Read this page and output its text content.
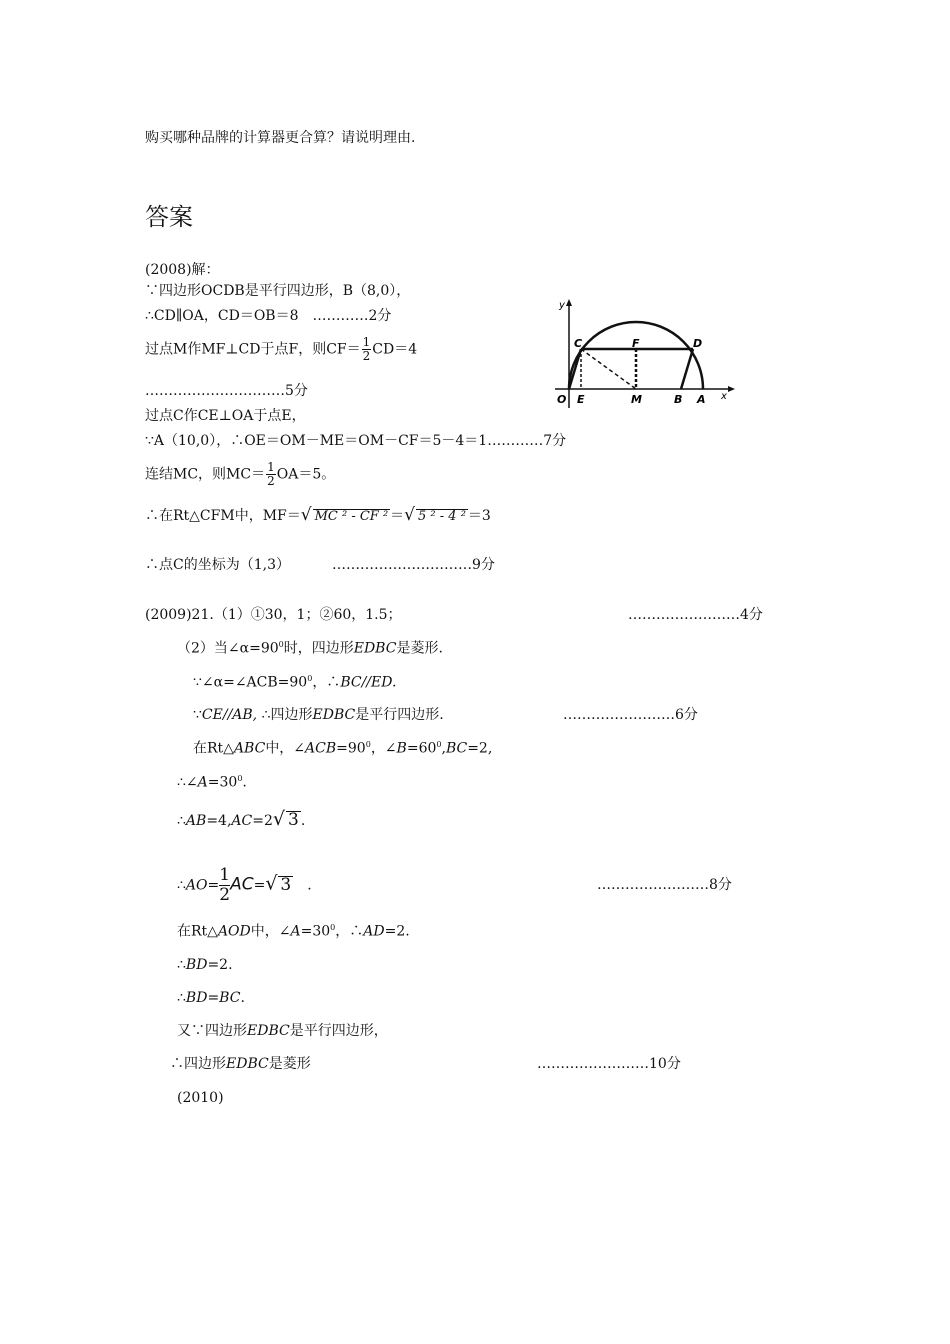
购买哪种品牌的计算器更合算？请说明理由.
答案
(2008)解：
∵四边形OCDB是平行四边形，B（8,0），
∴CD∥OA，CD＝OB＝8　…………2分
过点M作MF⊥CD于点F，则$CF= \frac{1}{2} CD=4$
…………………………5分
过点C作CE⊥OA于点E，
∵A（10,0），∴OE＝OM－ME＝OM－CF＝5－4＝1…………7分
连结MC，则$MC= \frac{1}{2} OA=5$。
∴在Rt△CFM中，MF＝√ MC ² - CF ² ＝√ 5 ² - 4 ² ＝3
∴点C的坐标为（1,3）	…………………………9分
y
x
O E	M	B A
C	F	D
(2009)21.（1）①30，1；②60，1.5；	……………………4分
（2）当$\angle\alpha=90^0$时，四边形EDBC是菱形.
$\because\angle\alpha=\angle ACB=90^0$，∴BC//ED.
∵CE//AB, ∴四边形EDBC是平行四边形.	……………………6分
在Rt△ABC中，$\angle ACB=90^0$，$\angle B=60^0,BC=2$,
$\therefore\angle A=30^0$.
∴AB=4,AC=2√ 3 .
∴AO= $\frac{1}{2} AC=√$ 3 .	……………………8分
在Rt△AOD中，$\angle A=30^0$，∴AD=2.
∴BD=2.
∴BD=BC.
又∵四边形EDBC是平行四边形，
∴四边形EDBC是菱形	……………………10分
(2010)
